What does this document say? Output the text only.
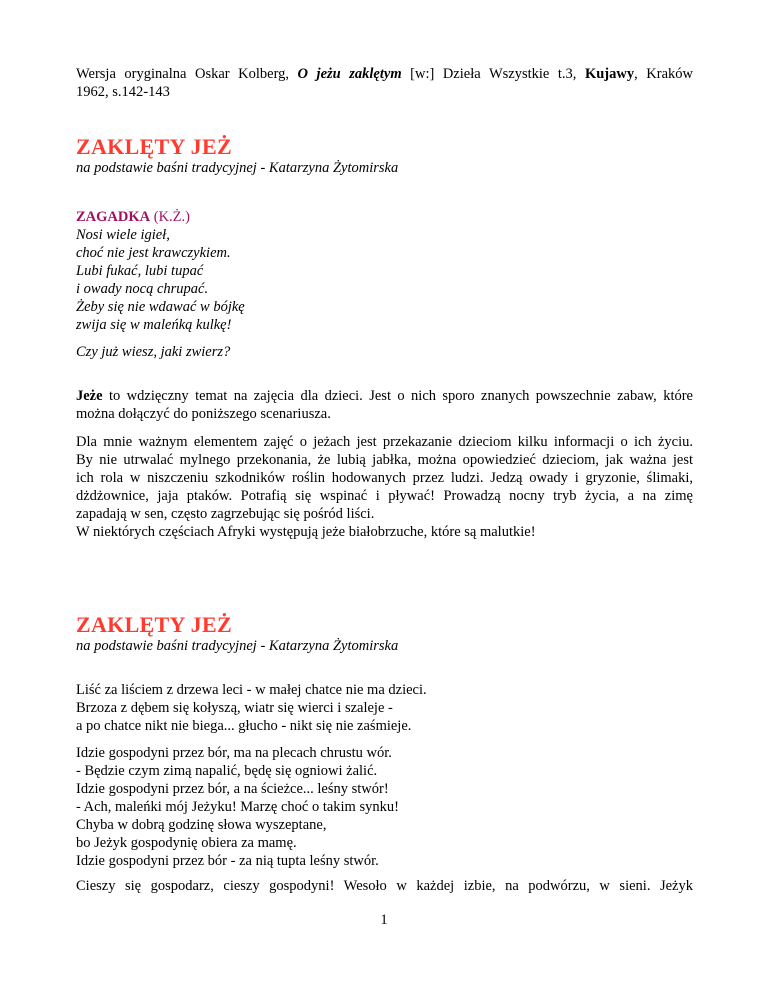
Wersja oryginalna Oskar Kolberg, O jeżu zaklętym [w:] Dzieła Wszystkie t.3, Kujawy, Kraków

1962, s.142-143

ZAKLĘTY JEŻ

na podstawie baśni tradycyjnej - Katarzyna Żytomirska

ZAGADKA (K.Ż.)

Nosi wiele igieł,
choć nie jest krawczykiem.
Lubi fukać, lubi tupać
i owady nocą chrupać.
Żeby się nie wdawać w bójkę
zwija się w maleńką kulkę!

Czy już wiesz, jaki zwierz?

Jeże to wdzięczny temat na zajęcia dla dzieci. Jest o nich sporo znanych powszechnie zabaw, które

można dołączyć do poniższego scenariusza.

Dla mnie ważnym elementem zajęć o jeżach jest przekazanie dzieciom kilku informacji o ich życiu.

By nie utrwalać mylnego przekonania, że lubią jabłka, można opowiedzieć dzieciom, jak ważna jest

ich rola w niszczeniu szkodników roślin hodowanych przez ludzi. Jedzą owady i gryzonie, ślimaki,

dżdżownice, jaja ptaków. Potrafią się wspinać i pływać! Prowadzą nocny tryb życia, a na zimę

zapadają w sen, często zagrzebując się pośród liści.

W niektórych częściach Afryki występują jeże białobrzuche, które są malutkie!

ZAKLĘTY JEŻ

na podstawie baśni tradycyjnej - Katarzyna Żytomirska

Liść za liściem z drzewa leci - w małej chatce nie ma dzieci.
Brzoza z dębem się kołyszą, wiatr się wierci i szaleje -
a po chatce nikt nie biega... głucho - nikt się nie zaśmieje.
Idzie gospodyni przez bór, ma na plecach chrustu wór.
- Będzie czym zimą napalić, będę się ogniowi żalić.
Idzie gospodyni przez bór, a na ścieżce... leśny stwór!
- Ach, maleńki mój Jeżyku! Marzę choć o takim synku!
Chyba w dobrą godzinę słowa wyszeptane,
bo Jeżyk gospodynię obiera za mamę.
Idzie gospodyni przez bór - za nią tupta leśny stwór.

Cieszy się gospodarz, cieszy gospodyni! Wesoło w każdej izbie, na podwórzu, w sieni. Jeżyk

1
